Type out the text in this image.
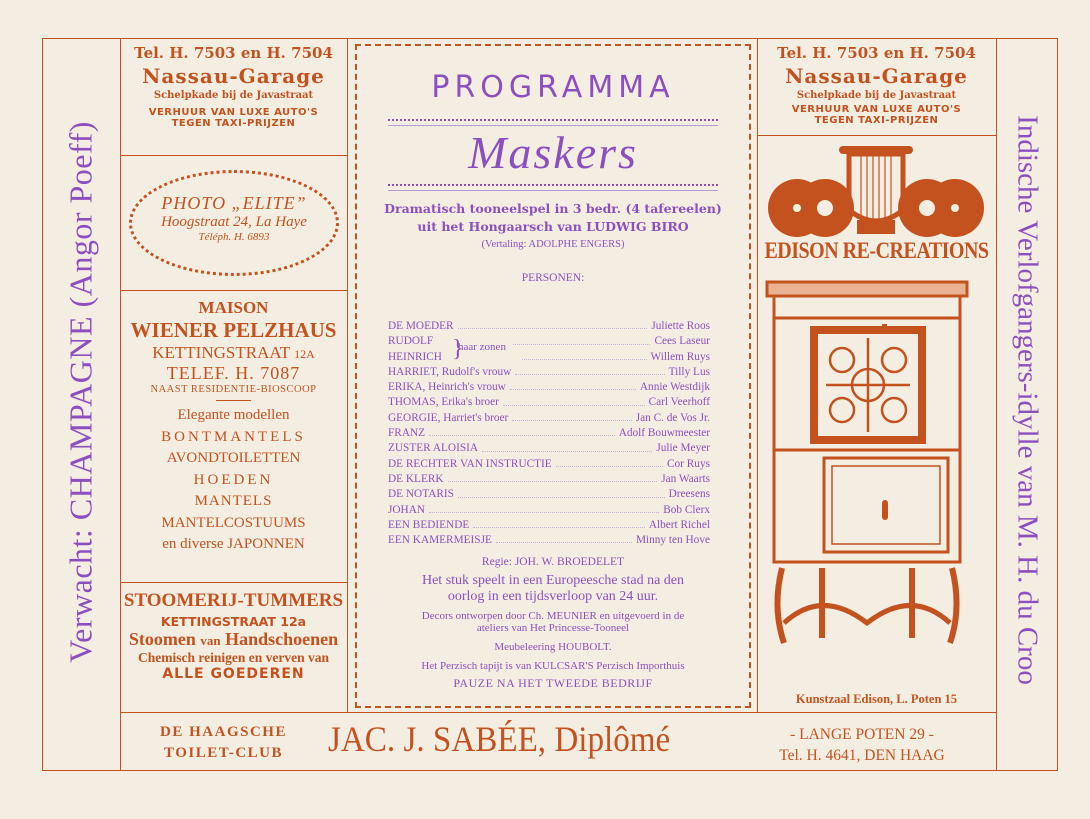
Verwacht: CHAMPAGNE (Angor Poeff)	Indische Verlofgangers-idylle van M. H. du Croo
Tel. H. 7503 en H. 7504
Nassau-Garage
Schelpkade bij de Javastraat
VERHUUR VAN LUXE AUTO'S
TEGEN TAXI-PRIJZEN
PHOTO „ELITE”
Hoogstraat 24, La Haye
Téléph. H. 6893
MAISON
WIENER PELZHAUS
KETTINGSTRAAT 12A
TELEF. H. 7087
NAAST RESIDENTIE-BIOSCOOP
Elegante modellen
BONTMANTELS
AVONDTOILETTEN
HOEDEN
MANTELS
MANTELCOSTUUMS
en diverse JAPONNEN
STOOMERIJ-TUMMERS
KETTINGSTRAAT 12a
Stoomen van Handschoenen
Chemisch reinigen en verven van
ALLE GOEDEREN
PROGRAMMA
Maskers
Dramatisch tooneelspel in 3 bedr. (4 tafereelen)
uit het Hongaarsch van LUDWIG BIRO
(Vertaling: ADOLPHE ENGERS)
PERSONEN:
DE MOEDER	Juliette Roos
RUDOLF	Cees Laseur
HEINRICH	Willem Ruys
HARRIET, Rudolf's vrouw	Tilly Lus
ERIKA, Heinrich's vrouw	Annie Westdijk
THOMAS, Erika's broer	Carl Veerhoff
GEORGIE, Harriet's broer	Jan C. de Vos Jr.
FRANZ	Adolf Bouwmeester
ZUSTER ALOISIA	Julie Meyer
DE RECHTER VAN INSTRUCTIE	Cor Ruys
DE KLERK	Jan Waarts
DE NOTARIS	Dreesens
JOHAN	Bob Clerx
EEN BEDIENDE	Albert Richel
EEN KAMERMEISJE	Minny ten Hove
haar zonen
}
Regie: JOH. W. BROEDELET
Het stuk speelt in een Europeesche stad na den
oorlog in een tijdsverloop van 24 uur.
Decors ontworpen door Ch. MEUNIER en uitgevoerd in de
ateliers van Het Princesse-Tooneel
Meubeleering HOUBOLT.
Het Perzisch tapijt is van KULCSAR'S Perzisch Importhuis
PAUZE NA HET TWEEDE BEDRIJF
Tel. H. 7503 en H. 7504
Nassau-Garage
Schelpkade bij de Javastraat
VERHUUR VAN LUXE AUTO'S
TEGEN TAXI-PRIJZEN
EDISON RE-CREATIONS
Kunstzaal Edison, L. Poten 15
DE HAAGSCHE
TOILET-CLUB	JAC. J. SABÉE, Diplômé	- LANGE POTEN 29 -
Tel. H. 4641, DEN HAAG
